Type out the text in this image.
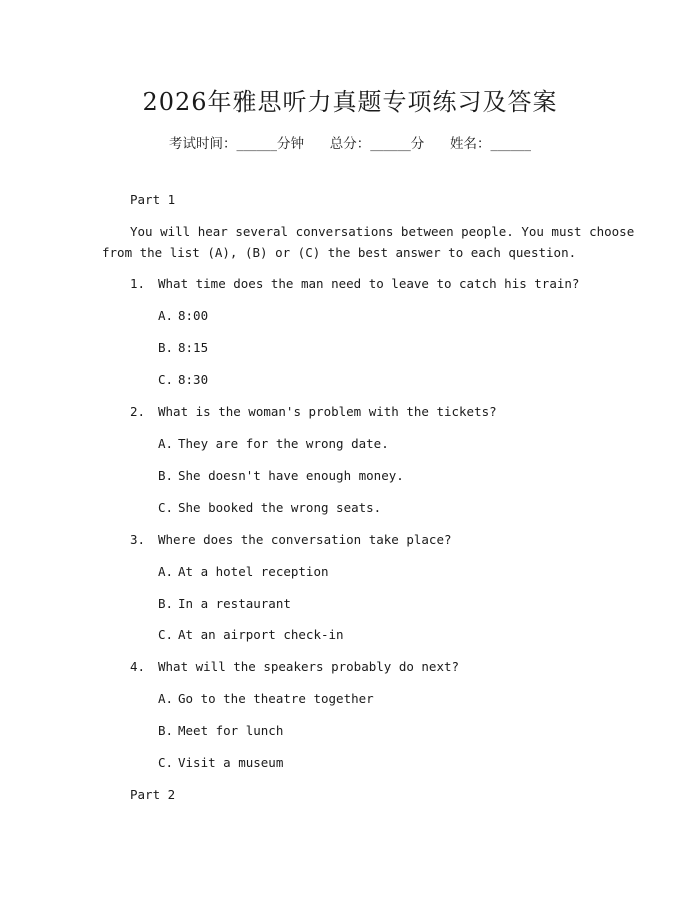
2026年雅思听力真题专项练习及答案
考试时间：______分钟 总分：______分 姓名：______
Part 1
You will hear several conversations between people. You must choose
from the list (A), (B) or (C) the best answer to each question.
1. What time does the man need to leave to catch his train?
A. 8:00
B. 8:15
C. 8:30
2. What is the woman's problem with the tickets?
A. They are for the wrong date.
B. She doesn't have enough money.
C. She booked the wrong seats.
3. Where does the conversation take place?
A. At a hotel reception
B. In a restaurant
C. At an airport check-in
4. What will the speakers probably do next?
A. Go to the theatre together
B. Meet for lunch
C. Visit a museum
Part 2
